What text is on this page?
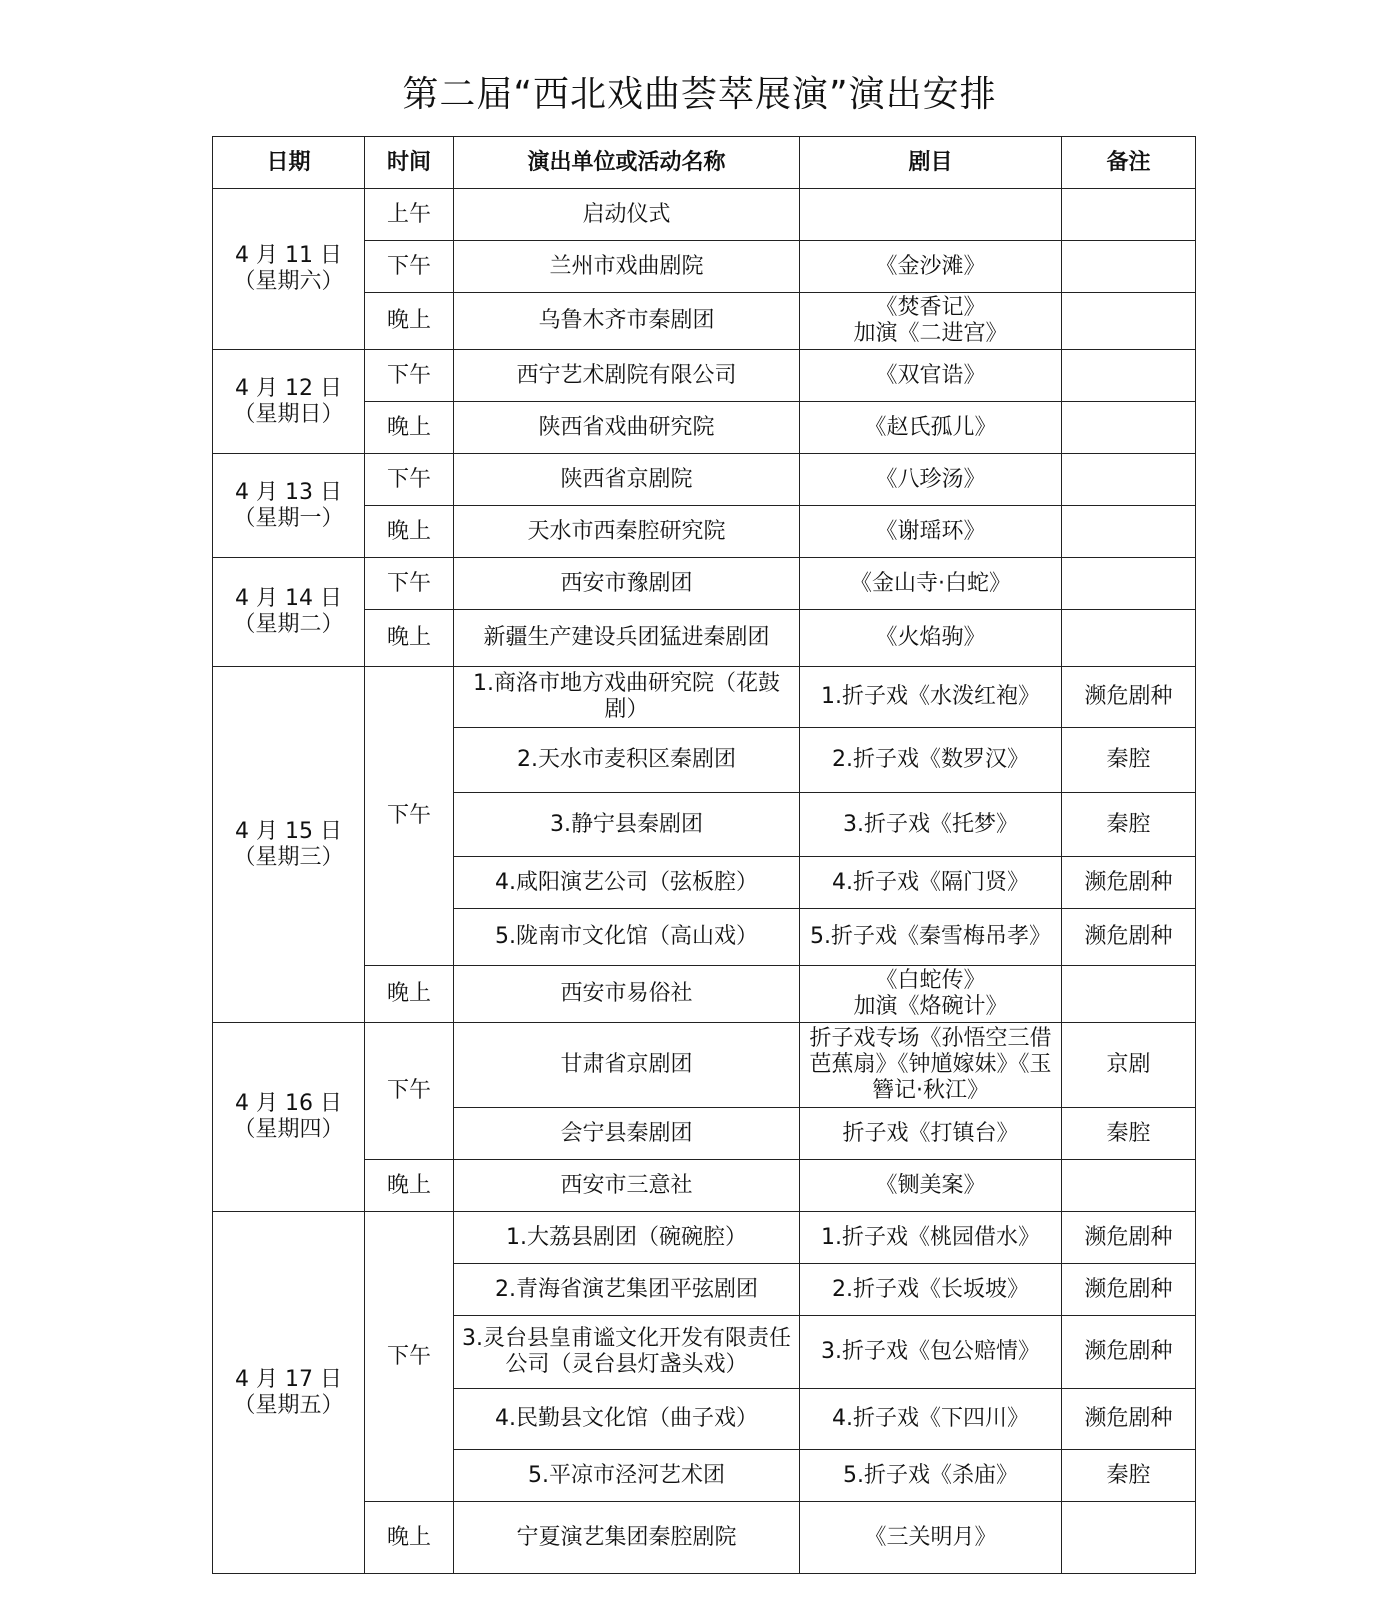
第二届“西北戏曲荟萃展演”演出安排
日期	时间	演出单位或活动名称	剧目	备注
4 月 11 日
（星期六）	上午	启动仪式		
	下午	兰州市戏曲剧院	《金沙滩》	
	晚上	乌鲁木齐市秦剧团	《焚香记》
加演《二进宫》	
4 月 12 日
（星期日）	下午	西宁艺术剧院有限公司	《双官诰》	
	晚上	陕西省戏曲研究院	《赵氏孤儿》	
4 月 13 日
（星期一）	下午	陕西省京剧院	《八珍汤》	
	晚上	天水市西秦腔研究院	《谢瑶环》	
4 月 14 日
（星期二）	下午	西安市豫剧团	《金山寺·白蛇》	
	晚上	新疆生产建设兵团猛进秦剧团	《火焰驹》	
4 月 15 日
（星期三）	下午	1.商洛市地方戏曲研究院（花鼓剧）	1.折子戏《水泼红袍》	濒危剧种
		2.天水市麦积区秦剧团	2.折子戏《数罗汉》	秦腔
		3.静宁县秦剧团	3.折子戏《托梦》	秦腔
		4.咸阳演艺公司（弦板腔）	4.折子戏《隔门贤》	濒危剧种
		5.陇南市文化馆（高山戏）	5.折子戏《秦雪梅吊孝》	濒危剧种
	晚上	西安市易俗社	《白蛇传》
加演《烙碗计》	
4 月 16 日
（星期四）	下午	甘肃省京剧团	折子戏专场《孙悟空三借芭蕉扇》《钟馗嫁妹》《玉簪记·秋江》	京剧
		会宁县秦剧团	折子戏《打镇台》	秦腔
	晚上	西安市三意社	《铡美案》	
4 月 17 日
（星期五）	下午	1.大荔县剧团（碗碗腔）	1.折子戏《桃园借水》	濒危剧种
		2.青海省演艺集团平弦剧团	2.折子戏《长坂坡》	濒危剧种
		3.灵台县皇甫谧文化开发有限责任公司（灵台县灯盏头戏）	3.折子戏《包公赔情》	濒危剧种
		4.民勤县文化馆（曲子戏）	4.折子戏《下四川》	濒危剧种
		5.平凉市泾河艺术团	5.折子戏《杀庙》	秦腔
	晚上	宁夏演艺集团秦腔剧院	《三关明月》	
